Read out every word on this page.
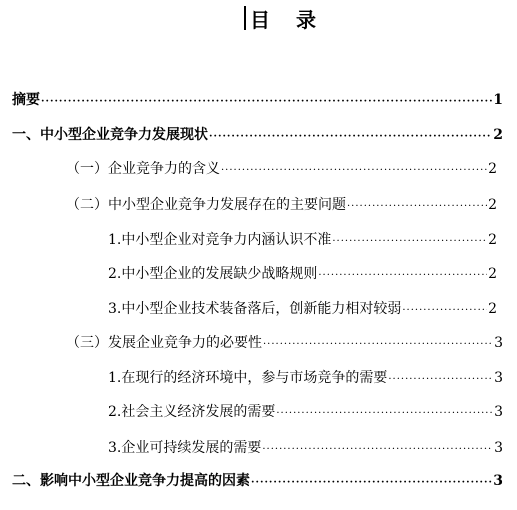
目 录
摘要 ·····	1
一、 中小型企业竞争力发展现状 ·····	2
（一） 企业竞争力的含义 ·····	2
（二） 中小型企业竞争力发展存在的主要问题 ·····	2
1. 中小型企业对竞争力内涵认识不准 ·····	2
2. 中小型企业的发展缺少战略规则 ·····	2
3. 中小型企业技术装备落后，创新能力相对较弱 ·····	2
（三） 发展企业竞争力的必要性 ·····	3
1. 在现行的经济环境中，参与市场竞争的需要 ·····	3
2. 社会主义经济发展的需要 ·····	3
3. 企业可持续发展的需要 ·····	3
二、 影响中小型企业竞争力提高的因素 ·····	3
